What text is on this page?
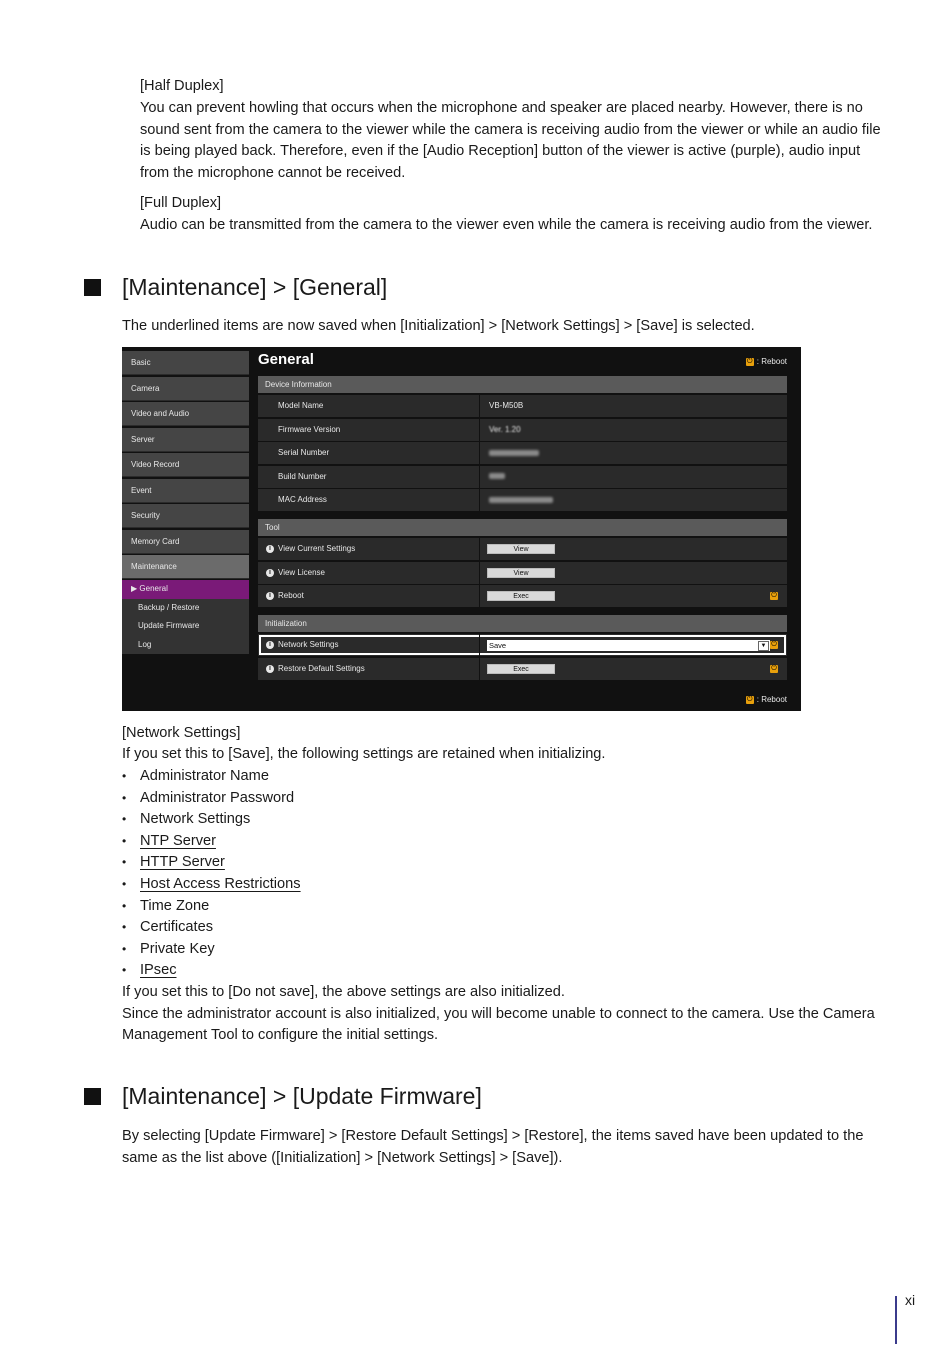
[Half Duplex]

You can prevent howling that occurs when the microphone and speaker are placed nearby. However, there is no
sound sent from the camera to the viewer while the camera is receiving audio from the viewer or while an audio file
is being played back. Therefore, even if the [Audio Reception] button of the viewer is active (purple), audio input
from the microphone cannot be received.

[Full Duplex]

Audio can be transmitted from the camera to the viewer even while the camera is receiving audio from the viewer.

[Maintenance] > [General]

The underlined items are now saved when [Initialization] > [Network Settings] > [Save] is selected.

Basic
Camera
Video and Audio
Server
Video Record
Event
Security
Memory Card
Maintenance
▶ General
Backup / Restore
Update Firmware
Log
General	⏻ : Reboot
Device Information
Model Name	VB-M50B
Firmware Version	Ver. 1.20
Serial Number
Build Number
MAC Address
Tool
i View Current Settings	View
i View License	View
i Reboot	Exec	⏻
Initialization
i Network Settings	Save	▼ ⏻
i Restore Default Settings	Exec	⏻
⏻ : Reboot

[Network Settings]

If you set this to [Save], the following settings are retained when initializing.

• Administrator Name
• Administrator Password
• Network Settings
• NTP Server
• HTTP Server
• Host Access Restrictions
• Time Zone
• Certificates
• Private Key
• IPsec
If you set this to [Do not save], the above settings are also initialized.
Since the administrator account is also initialized, you will become unable to connect to the camera. Use the Camera
Management Tool to configure the initial settings.
[Maintenance] > [Update Firmware]
By selecting [Update Firmware] > [Restore Default Settings] > [Restore], the items saved have been updated to the
same as the list above ([Initialization] > [Network Settings] > [Save]).
xi
